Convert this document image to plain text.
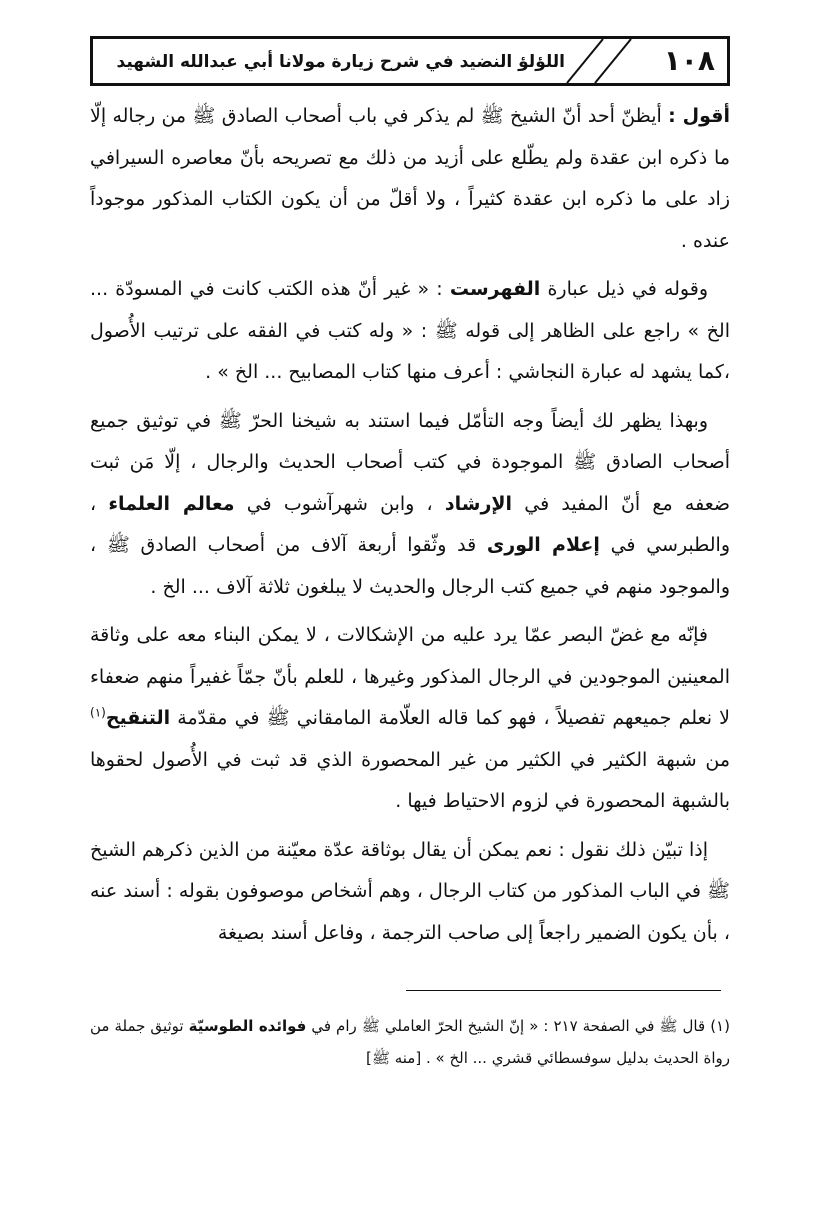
اللؤلؤ النضيد في شرح زيارة مولانا أبي عبدالله الشهيد	١٠٨

أقول : أيظنّ أحد أنّ الشيخ ﷺ لم يذكر في باب أصحاب الصادق ﷺ من رجاله إلّا ما ذكره ابن عقدة ولم يطّلع على أزيد من ذلك مع تصريحه بأنّ معاصره السيرافي زاد على ما ذكره ابن عقدة كثيراً ، ولا أقلّ من أن يكون الكتاب المذكور موجوداً عنده .

وقوله في ذيل عبارة الفهرست : « غير أنّ هذه الكتب كانت في المسودّة ... الخ » راجع على الظاهر إلى قوله ﷺ : « وله كتب في الفقه على ترتيب الأُصول ،كما يشهد له عبارة النجاشي : أعرف منها كتاب المصابيح ... الخ » .

وبهذا يظهر لك أيضاً وجه التأمّل فيما استند به شيخنا الحرّ ﷺ في توثيق جميع أصحاب الصادق ﷺ الموجودة في كتب أصحاب الحديث والرجال ، إلّا مَن ثبت ضعفه مع أنّ المفيد في الإرشاد ، وابن شهرآشوب في معالم العلماء ، والطبرسي في إعلام الورى قد وثّقوا أربعة آلاف من أصحاب الصادق ﷺ ، والموجود منهم في جميع كتب الرجال والحديث لا يبلغون ثلاثة آلاف ... الخ .

فإنّه مع غضّ البصر عمّا يرد عليه من الإشكالات ، لا يمكن البناء معه على وثاقة المعينين الموجودين في الرجال المذكور وغيرها ، للعلم بأنّ جمّاً غفيراً منهم ضعفاء لا نعلم جميعهم تفصيلاً ، فهو كما قاله العلّامة المامقاني ﷺ في مقدّمة التنقيح$^{(١)}$ من شبهة الكثير في الكثير من غير المحصورة الذي قد ثبت في الأُصول لحقوها بالشبهة المحصورة في لزوم الاحتياط فيها .

إذا تبيّن ذلك نقول : نعم يمكن أن يقال بوثاقة عدّة معيّنة من الذين ذكرهم الشيخ ﷺ في الباب المذكور من كتاب الرجال ، وهم أشخاص موصوفون بقوله : أسند عنه ، بأن يكون الضمير راجعاً إلى صاحب الترجمة ، وفاعل أسند بصيغة

(١) قال ﷺ في الصفحة ٢١٧ : « إنّ الشيخ الحرّ العاملي ﷺ رام في فوائده الطوسيّة توثيق جملة من رواة الحديث بدليل سوفسطائي قشري ... الخ » . [منه ﷺ]
